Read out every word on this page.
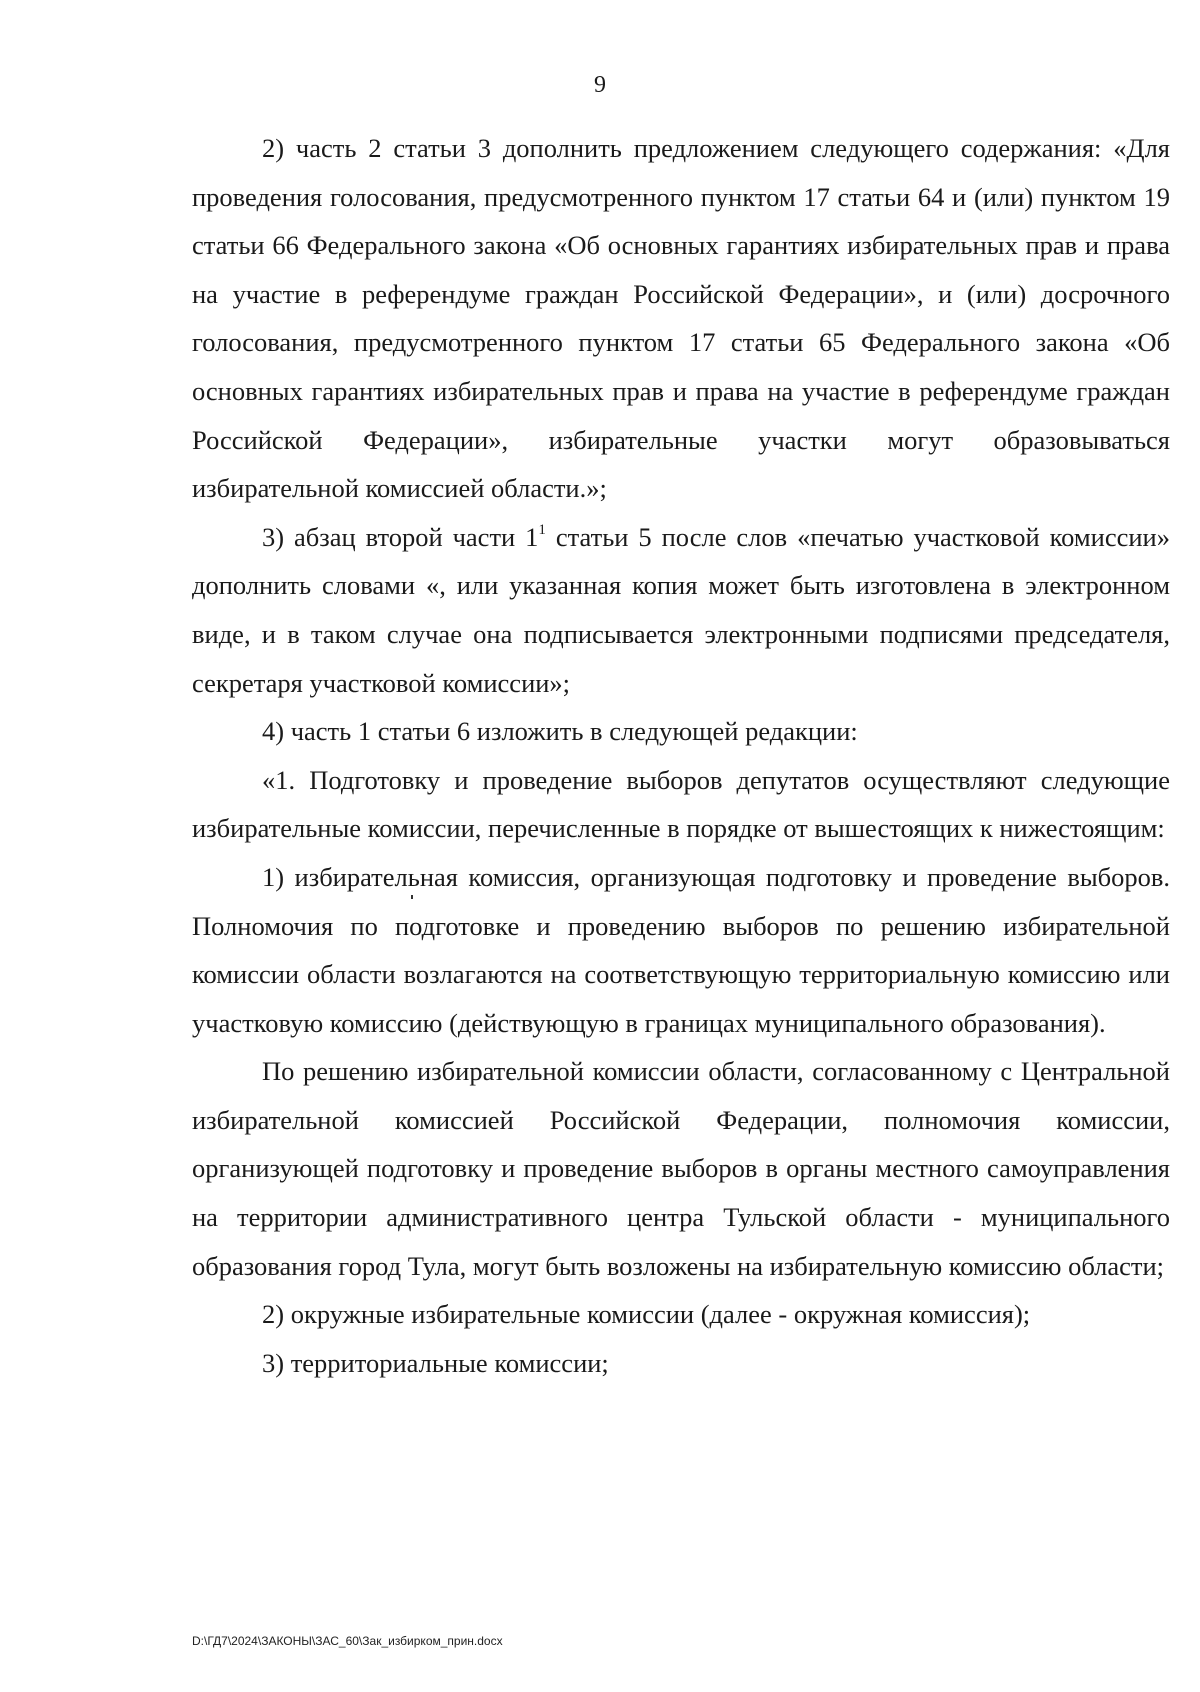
9

2) часть 2 статьи 3 дополнить предложением следующего содержания: «Для проведения голосования, предусмотренного пунктом 17 статьи 64 и (или) пунктом 19 статьи 66 Федерального закона «Об основных гарантиях избирательных прав и права на участие в референдуме граждан Российской Федерации», и (или) досрочного голосования, предусмотренного пунктом 17 статьи 65 Федерального закона «Об основных гарантиях избирательных прав и права на участие в референдуме граждан Российской Федерации», избирательные участки могут образовываться избирательной комиссией области.»;

3) абзац второй части $1^1$ статьи 5 после слов «печатью участковой комиссии» дополнить словами «, или указанная копия может быть изготовлена в электронном виде, и в таком случае она подписывается электронными подписями председателя, секретаря участковой комиссии»;

4) часть 1 статьи 6 изложить в следующей редакции:

«1. Подготовку и проведение выборов депутатов осуществляют следующие избирательные комиссии, перечисленные в порядке от вышестоящих к нижестоящим:

1) избирательная комиссия, организующая подготовку и проведение выборов. Полномочия по подготовке и проведению выборов по решению избирательной комиссии области возлагаются на соответствующую территориальную комиссию или участковую комиссию (действующую в границах муниципального образования).

По решению избирательной комиссии области, согласованному с Центральной избирательной комиссией Российской Федерации, полномочия комиссии, организующей подготовку и проведение выборов в органы местного самоуправления на территории административного центра Тульской области - муниципального образования город Тула, могут быть возложены на избирательную комиссию области;

2) окружные избирательные комиссии (далее - окружная комиссия);

3) территориальные комиссии;

D:\ГД7\2024\ЗАКОНЫ\ЗАС_60\Зак_избирком_прин.docx
